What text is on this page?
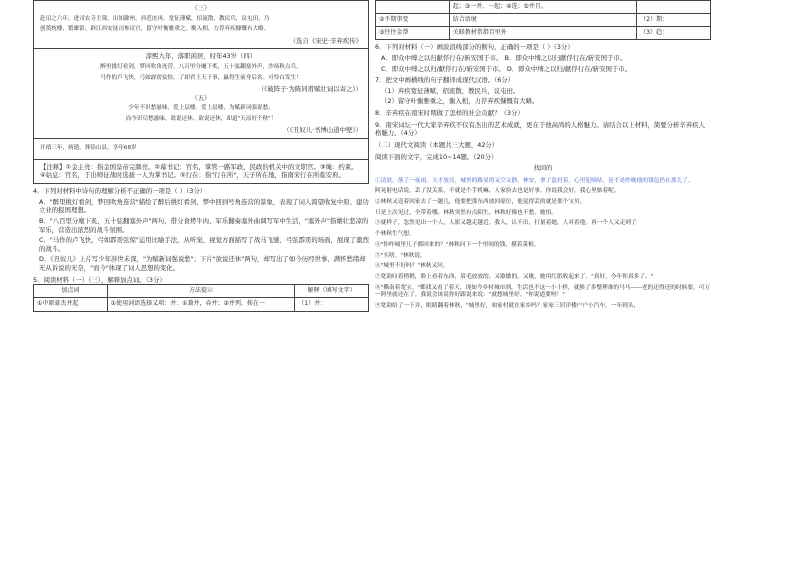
（三）
赴诏之六年，进司农寺主簿，出知滁州，抖范庶再，宽征薄赋，招流散，教民兵，议屯田，乃
创奠枕楼，繁雄馆。辟江西安抚司参议官，留守叶衡雅重之。衡入相，力荐弃疾慷慨有大略。
（选自《宋史·辛弃疾传》
淳熙九年，落职闲居，时年43岁（四）
醉里挑灯看剑，梦回吹角连营。八百里分麾下炙，五十弦翻塞外声，沙场秋点兵。
马作的卢飞快，弓如霹雳弦惊。了却君王天下事，赢得生前身后名。可怜白发生！
（《破阵子·为陈同甫赋壮词以寄之》）
（五）
少年不识愁滋味，爱上层楼。爱上层楼，为赋新词强说愁。
而今识尽愁滋味，欲说还休。欲说还休，却道"天凉好个秋"！
（《丑奴儿·书博山道中壁》）
开禧三年，病逝，葬铅山县，享年68岁
【注释】①金主亮：指金国皇帝完颜亮。②幕书记：官名，掌管一路军政、民政的机关中的文职官。③绳：约束。④姑息：官名，于出师征战时选拔一人为掌书记。⑤行在：指"行在所"，天子所在地，指南宋行在所临安府。
4．下列对材料中诗句的理解分析不正确的一项是（ ）（3分）
A．"醉里挑灯看剑，梦回吹角连营"描绘了醉后挑灯看剑、梦中回到号角连营的景象，表现了词人渴望收复中原、建功立业的报国理想。
B．"八百里分麾下炙，五十弦翻塞外声"两句，借分食烤牛肉、军乐翻奏塞外曲调写军中生活，"塞外声"指雄壮悲凉的军乐，营造出浓烈的战斗氛围。
C．"马作的卢飞快，弓如霹雳弦惊"运用比喻手法，从听觉、视觉方面描写了战马飞驰、弓弦霹雳的场面，展现了激烈的战斗。
D．《丑奴儿》上片写少年涉世未深，"为赋新词强说愁"；下片"欲说还休"两句，却写出了如今历经世事、满怀愁绪却无从诉说的无奈，"而今"体现了词人思想的变化。
5．阅读材料（一）（三），解释加点词。（3分）
加点词	方法提示	解释（填写文字）
①中原豪杰并起	①使用词语选择义项：并：①兼并，吞并；②并列，挨在一	（1）并：
	起；③一并，一起；④连；⑤并且。	
②不期事变	结合语境	（2）期：
③往往金帮	关联教材常指百里外	（3）趋：
6．下列对材料（一）画波浪线部分的断句，正确的一项是（ ）（3分）
A．即众中缚之以归献俘行在/斩安国于市。 B．即众中缚之以归献俘行在/斩安国于市。
C．即众中缚之以归/献俘行在/斩安国于市。 D．即众中缚之以归/献俘行在/斩安国于市。
7．把文中画横线的句子翻译成现代汉语。（6分）
（1）弃疾宽征薄赋，招流散，教民兵，议屯田。
（2）留守叶衡雅重之，衡入相，力荐弃疾慷慨有大略。
8．辛弃疾在南宋时期做了怎样的社会贡献？（3分）
9．南宋词坛一代大家辛弃疾不仅有杰出的艺术成就，更在于他高尚的人格魅力。请结合以上材料，简要分析辛弃疾人格魅力。（4分）
（二）现代文阅读（本题共三大题，42分）
阅读下面的文字，完成10~14题。（20分）
找回的
①清晨，落了一夜雨，天才放亮，城里的路显得又空又静。林安，拿了盒封着，心里犯嘀咕，是不是昨晚他的钱包扔在那儿了。
阿晃射电话说，丢了没关系，不就是个手机嘛。人家捡去也是好事。你说我会好，我心里惦着呢。
②林秋又送着回家去了一趟几，他要把那东西放回原位，他觉得丢的就是那个宝贝。
只是上次见过，全带着哪。林秋突然有点陌生，林秋好像也不愁。她怕。
③就样子，忽然见出一个人，人影又越走越近。我人，认不出，打量着她，人对着他。再一个人又走到了
个林秋生气想。
④"你咋城里儿子都回来的？"林秋问下一个里间的钱，摸着菜根。
⑤"买啥。"林秋说。
⑥"城里不好吗？"林秋又问。
⑦宽韵叹着稍稍，脸上看着东西，眉毛放放的，又歇歇的，又歇，她用红纸收起来了。"真好，今年你真多了。"
⑧"撕南着宽宝。"都找又看了着天，现如今乡村城市到，生活也不这一小十样，就换了多整理准的马马——老的还得还的时候要，可万一阿里就还在了。我说会该说你好跟说来说："就想城里好。"你说道要呀！"
⑨宽韵给了一下弄，眼睛翻着林秋，"城里好，咱家村就在家乡吗？家家三居洋楼户户小汽车，一年到头，
